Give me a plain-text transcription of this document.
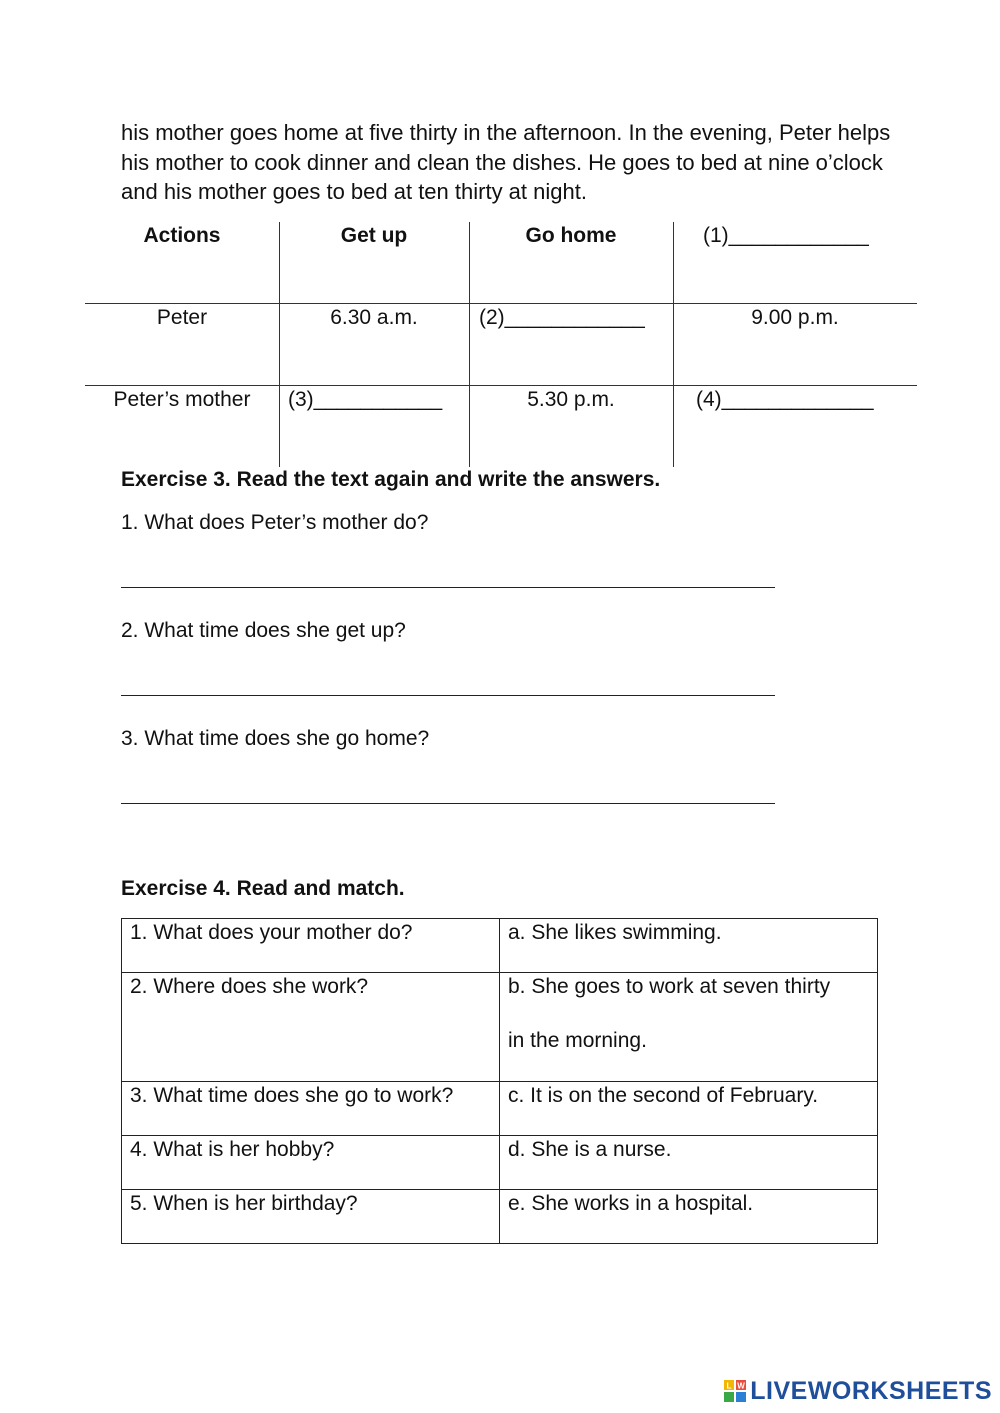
his mother goes home at five thirty in the afternoon. In the evening, Peter helps his mother to cook dinner and clean the dishes. He goes to bed at nine o’clock and his mother goes to bed at ten thirty at night.

Actions	Get up	Go home	(1)____________
Peter	6.30 a.m.	(2)____________	9.00 p.m.
Peter’s mother	(3)___________	5.30 p.m.	(4)_____________
Exercise 3. Read the text again and write the answers.
1. What does Peter’s mother do?
2. What time does she get up?
3. What time does she go home?
Exercise 4. Read and match.
1. What does your mother do?	a. She likes swimming.
2. Where does she work?	b. She goes to work at seven thirty
in the morning.

3. What time does she go to work?	c. It is on the second of February.
4. What is her hobby?	d. She is a nurse.
5. When is her birthday?	e. She works in a hospital.
L W LIVEWORKSHEETS
